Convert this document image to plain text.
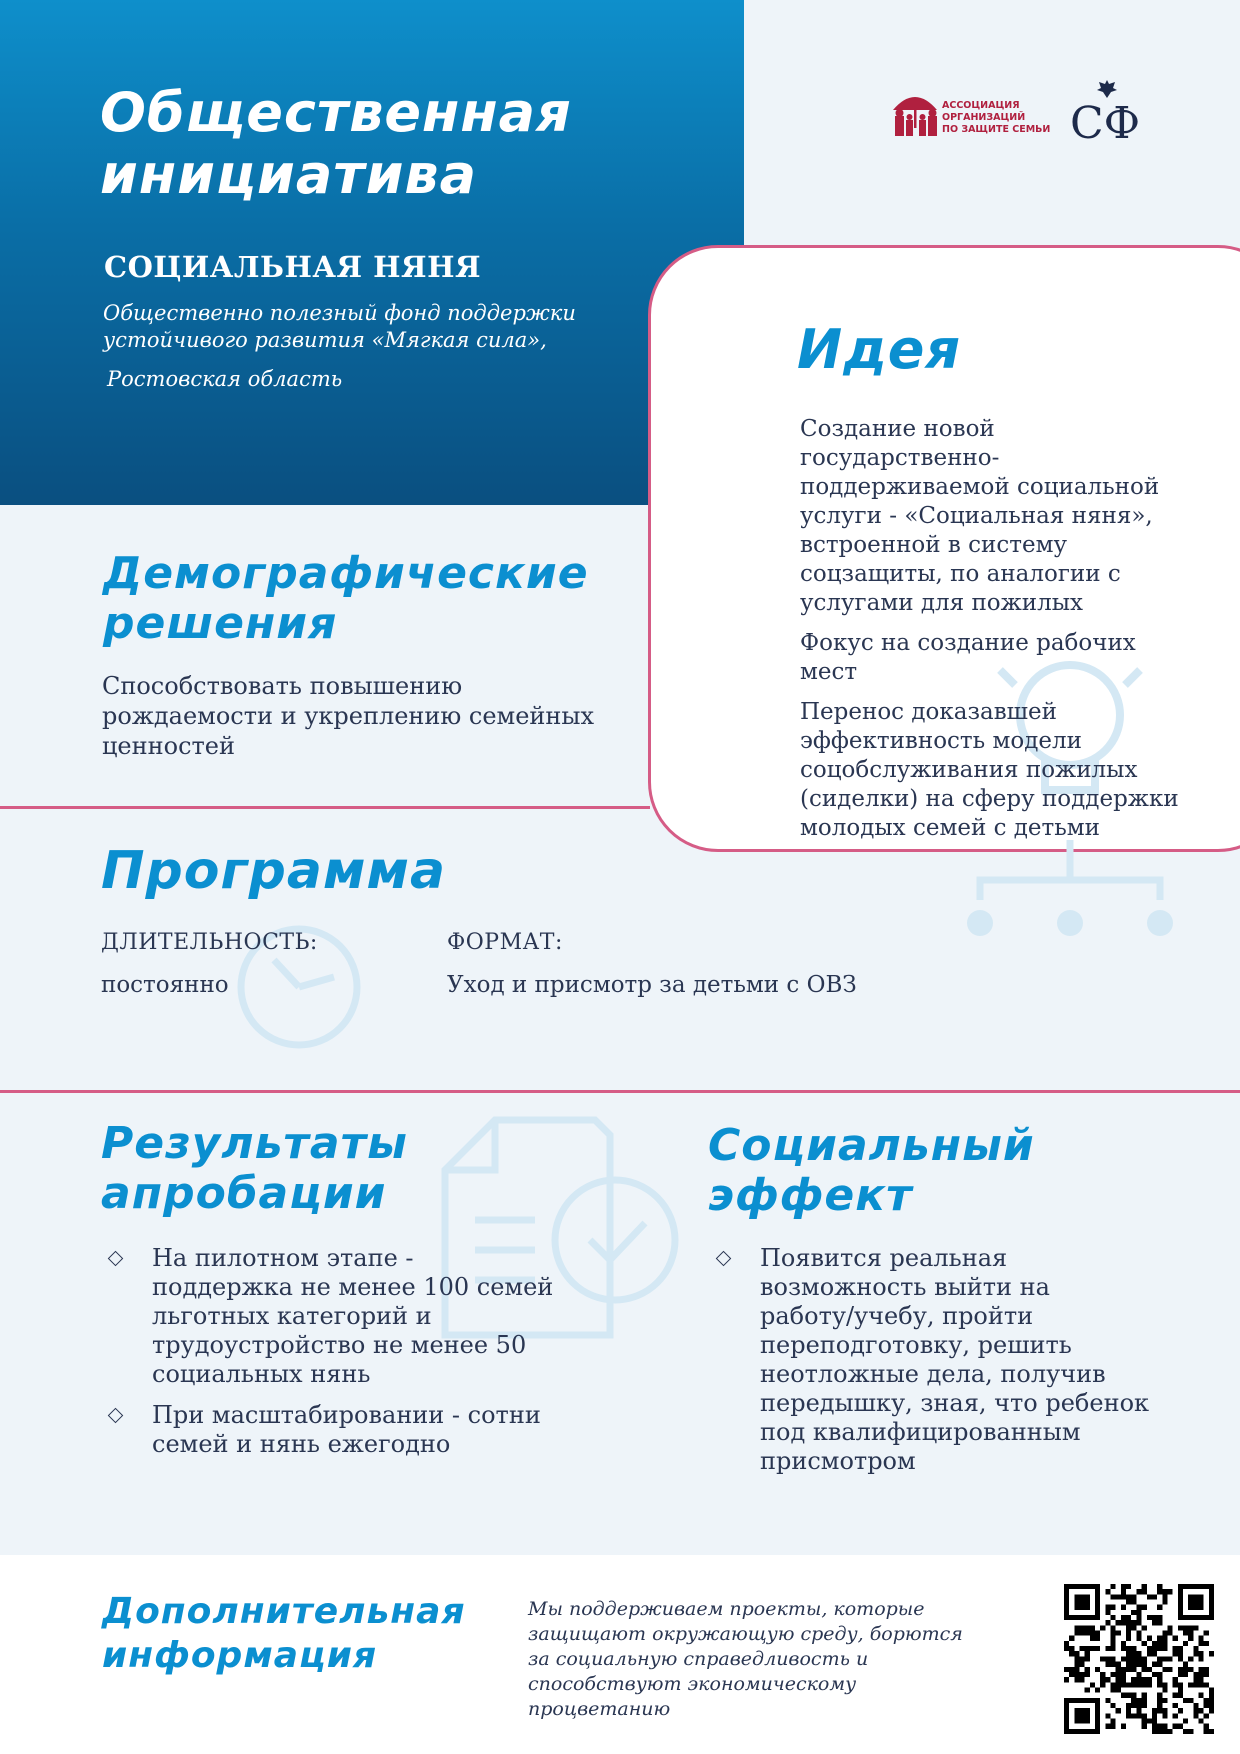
Общественная
инициатива
СОЦИАЛЬНАЯ НЯНЯ
Общественно полезный фонд поддержки устойчивого развития «Мягкая сила»,
Ростовская область
АССОЦИАЦИЯ
ОРГАНИЗАЦИЙ
ПО ЗАЩИТЕ СЕМЬИ СФ
Идея

Создание новой государственно-поддерживаемой социальной услуги - «Социальная няня», встроенной в систему соцзащиты, по аналогии с услугами для пожилых

Фокус на создание рабочих мест

Перенос доказавшей эффективность модели соцобслуживания пожилых (сиделки) на сферу поддержки молодых семей с детьми

Демографические
решения
Способствовать повышению рождаемости и укреплению семейных ценностей
Программа
ДЛИТЕЛЬНОСТЬ:
постоянно
ФОРМАТ:
Уход и присмотр за детьми с ОВЗ
Результаты
апробации
На пилотном этапе - поддержка не менее 100 семей льготных категорий и трудоустройство не менее 50 социальных нянь
При масштабировании - сотни семей и нянь ежегодно
Социальный
эффект
Появится реальная возможность выйти на работу/учебу, пройти переподготовку, решить неотложные дела, получив передышку, зная, что ребенок под квалифицированным присмотром
Дополнительная
информация
Мы поддерживаем проекты, которые защищают окружающую среду, борются за социальную справедливость и способствуют экономическому процветанию
